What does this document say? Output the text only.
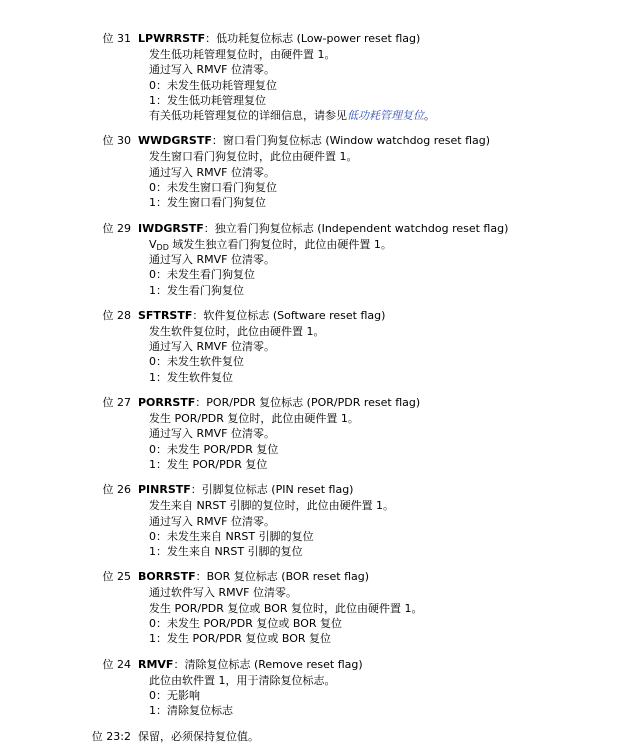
位 31 LPWRRSTF：低功耗复位标志 (Low-power reset flag)
发生低功耗管理复位时，由硬件置 1。
通过写入 RMVF 位清零。
0：未发生低功耗管理复位
1：发生低功耗管理复位
有关低功耗管理复位的详细信息，请参见低功耗管理复位。
位 30 WWDGRSTF：窗口看门狗复位标志 (Window watchdog reset flag)
发生窗口看门狗复位时，此位由硬件置 1。
通过写入 RMVF 位清零。
0：未发生窗口看门狗复位
1：发生窗口看门狗复位
位 29 IWDGRSTF：独立看门狗复位标志 (Independent watchdog reset flag)
$V_{DD}$ 域发生独立看门狗复位时，此位由硬件置 1。
通过写入 RMVF 位清零。
0：未发生看门狗复位
1：发生看门狗复位
位 28 SFTRSTF：软件复位标志 (Software reset flag)
发生软件复位时，此位由硬件置 1。
通过写入 RMVF 位清零。
0：未发生软件复位
1：发生软件复位
位 27 PORRSTF：POR/PDR 复位标志 (POR/PDR reset flag)
发生 POR/PDR 复位时，此位由硬件置 1。
通过写入 RMVF 位清零。
0：未发生 POR/PDR 复位
1：发生 POR/PDR 复位
位 26 PINRSTF：引脚复位标志 (PIN reset flag)
发生来自 NRST 引脚的复位时，此位由硬件置 1。
通过写入 RMVF 位清零。
0：未发生来自 NRST 引脚的复位
1：发生来自 NRST 引脚的复位
位 25 BORRSTF：BOR 复位标志 (BOR reset flag)
通过软件写入 RMVF 位清零。
发生 POR/PDR 复位或 BOR 复位时，此位由硬件置 1。
0：未发生 POR/PDR 复位或 BOR 复位
1：发生 POR/PDR 复位或 BOR 复位
位 24 RMVF：清除复位标志 (Remove reset flag)
此位由软件置 1，用于清除复位标志。
0：无影响
1：清除复位标志
位 23:2 保留，必须保持复位值。
